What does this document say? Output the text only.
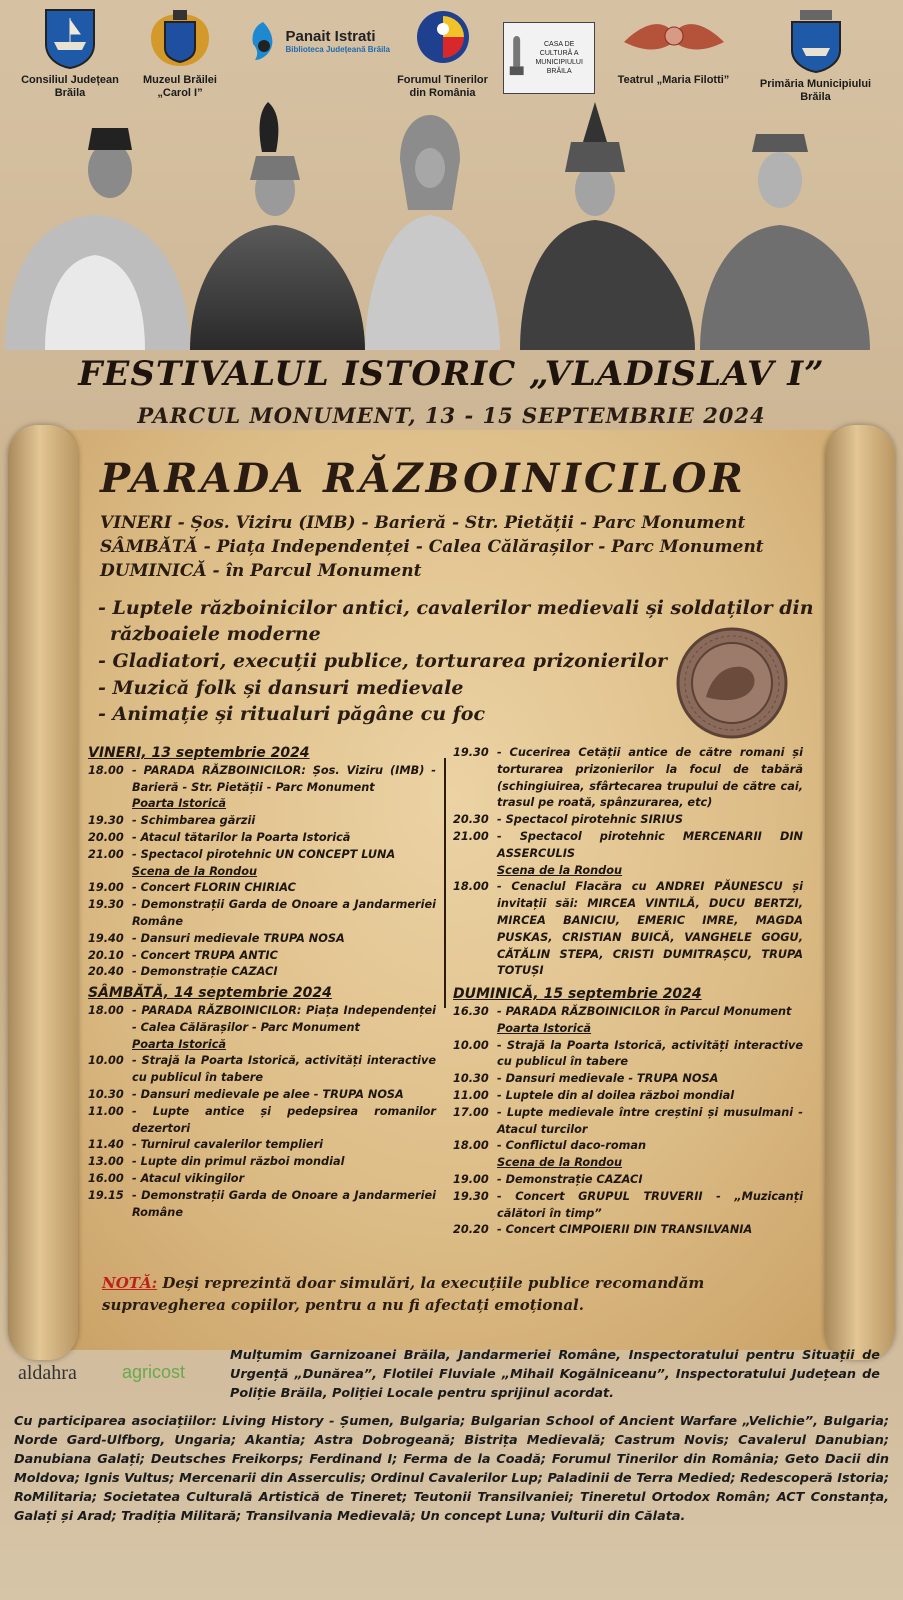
Consiliul Județean
Brăila
Muzeul Brăilei
„Carol I”
Panait Istrati
Biblioteca Județeană Brăila
Forumul Tinerilor
din România
CASA DE CULTURĂ A
MUNICIPIULUI
BRĂILA
Teatrul „Maria Filotti”	Primăria Municipiului
Brăila
FESTIVALUL ISTORIC „VLADISLAV I”
PARCUL MONUMENT, 13 - 15 SEPTEMBRIE 2024
PARADA RĂZBOINICILOR
VINERI - Șos. Viziru (IMB) - Barieră - Str. Pietății - Parc Monument
SÂMBĂTĂ - Piața Independenței - Calea Călărașilor - Parc Monument
DUMINICĂ - în Parcul Monument
- Luptele războinicilor antici, cavalerilor medievali și soldaților din
războaiele moderne
- Gladiatori, execuții publice, torturarea prizonierilor
- Muzică folk și dansuri medievale
- Animație și ritualuri păgâne cu foc
VINERI, 13 septembrie 2024
18.00 - PARADA RĂZBOINICILOR: Șos. Viziru (IMB) - Barieră - Str. Pietății - Parc Monument
Poarta Istorică
19.30 - Schimbarea gărzii
20.00 - Atacul tătarilor la Poarta Istorică
21.00 - Spectacol pirotehnic UN CONCEPT LUNA
Scena de la Rondou
19.00 - Concert FLORIN CHIRIAC
19.30 - Demonstrații Garda de Onoare a Jandarmeriei Române
19.40 - Dansuri medievale TRUPA NOSA
20.10 - Concert TRUPA ANTIC
20.40 - Demonstrație CAZACI
SÂMBĂTĂ, 14 septembrie 2024
18.00 - PARADA RĂZBOINICILOR: Piața Independenței - Calea Călărașilor - Parc Monument
Poarta Istorică
10.00 - Strajă la Poarta Istorică, activități interactive cu publicul în tabere
10.30 - Dansuri medievale pe alee - TRUPA NOSA
11.00 - Lupte antice și pedepsirea romanilor dezertori
11.40 - Turnirul cavalerilor templieri
13.00 - Lupte din primul război mondial
16.00 - Atacul vikingilor
19.15 - Demonstrații Garda de Onoare a Jandarmeriei Române
19.30 - Cucerirea Cetății antice de către romani și torturarea prizonierilor la focul de tabără (schingiuirea, sfârtecarea trupului de către cai, trasul pe roată, spânzurarea, etc)
20.30 - Spectacol pirotehnic SIRIUS
21.00 - Spectacol pirotehnic MERCENARII DIN ASSERCULIS
Scena de la Rondou
18.00 - Cenaclul Flacăra cu ANDREI PĂUNESCU și invitații săi: MIRCEA VINTILĂ, DUCU BERTZI, MIRCEA BANICIU, EMERIC IMRE, MAGDA PUSKAS, CRISTIAN BUICĂ, VANGHELE GOGU, CĂTĂLIN STEPA, CRISTI DUMITRAȘCU, TRUPA TOTUȘI
DUMINICĂ, 15 septembrie 2024
16.30 - PARADA RĂZBOINICILOR în Parcul Monument
Poarta Istorică
10.00 - Strajă la Poarta Istorică, activități interactive cu publicul în tabere
10.30 - Dansuri medievale - TRUPA NOSA
11.00 - Luptele din al doilea război mondial
17.00 - Lupte medievale între creștini și musulmani - Atacul turcilor
18.00 - Conflictul daco-roman
Scena de la Rondou
19.00 - Demonstrație CAZACI
19.30 - Concert GRUPUL TRUVERII - „Muzicanți călători în timp”
20.20 - Concert CIMPOIERII DIN TRANSILVANIA
NOTĂ: Deși reprezintă doar simulări, la execuțiile publice recomandăm supravegherea copiilor, pentru a nu fi afectați emoțional.
aldahra	agricost
Mulțumim Garnizoanei Brăila, Jandarmeriei Române, Inspectoratului pentru Situații de Urgență „Dunărea”, Flotilei Fluviale „Mihail Kogălniceanu”, Inspectoratului Județean de Poliție Brăila, Poliției Locale pentru sprijinul acordat.
Cu participarea asociațiilor: Living History - Șumen, Bulgaria; Bulgarian School of Ancient Warfare „Velichie”, Bulgaria; Norde Gard-Ulfborg, Ungaria; Akantia; Astra Dobrogeană; Bistrița Medievală; Castrum Novis; Cavalerul Danubian; Danubiana Galați; Deutsches Freikorps; Ferdinand I; Ferma de la Coadă; Forumul Tinerilor din România; Geto Dacii din Moldova; Ignis Vultus; Mercenarii din Asserculis; Ordinul Cavalerilor Lup; Paladinii de Terra Medied; Redescoperă Istoria; RoMilitaria; Societatea Culturală Artistică de Tineret; Teutonii Transilvaniei; Tineretul Ortodox Român; ACT Constanța, Galați și Arad; Tradiția Militară; Transilvania Medievală; Un concept Luna; Vulturii din Călata.
